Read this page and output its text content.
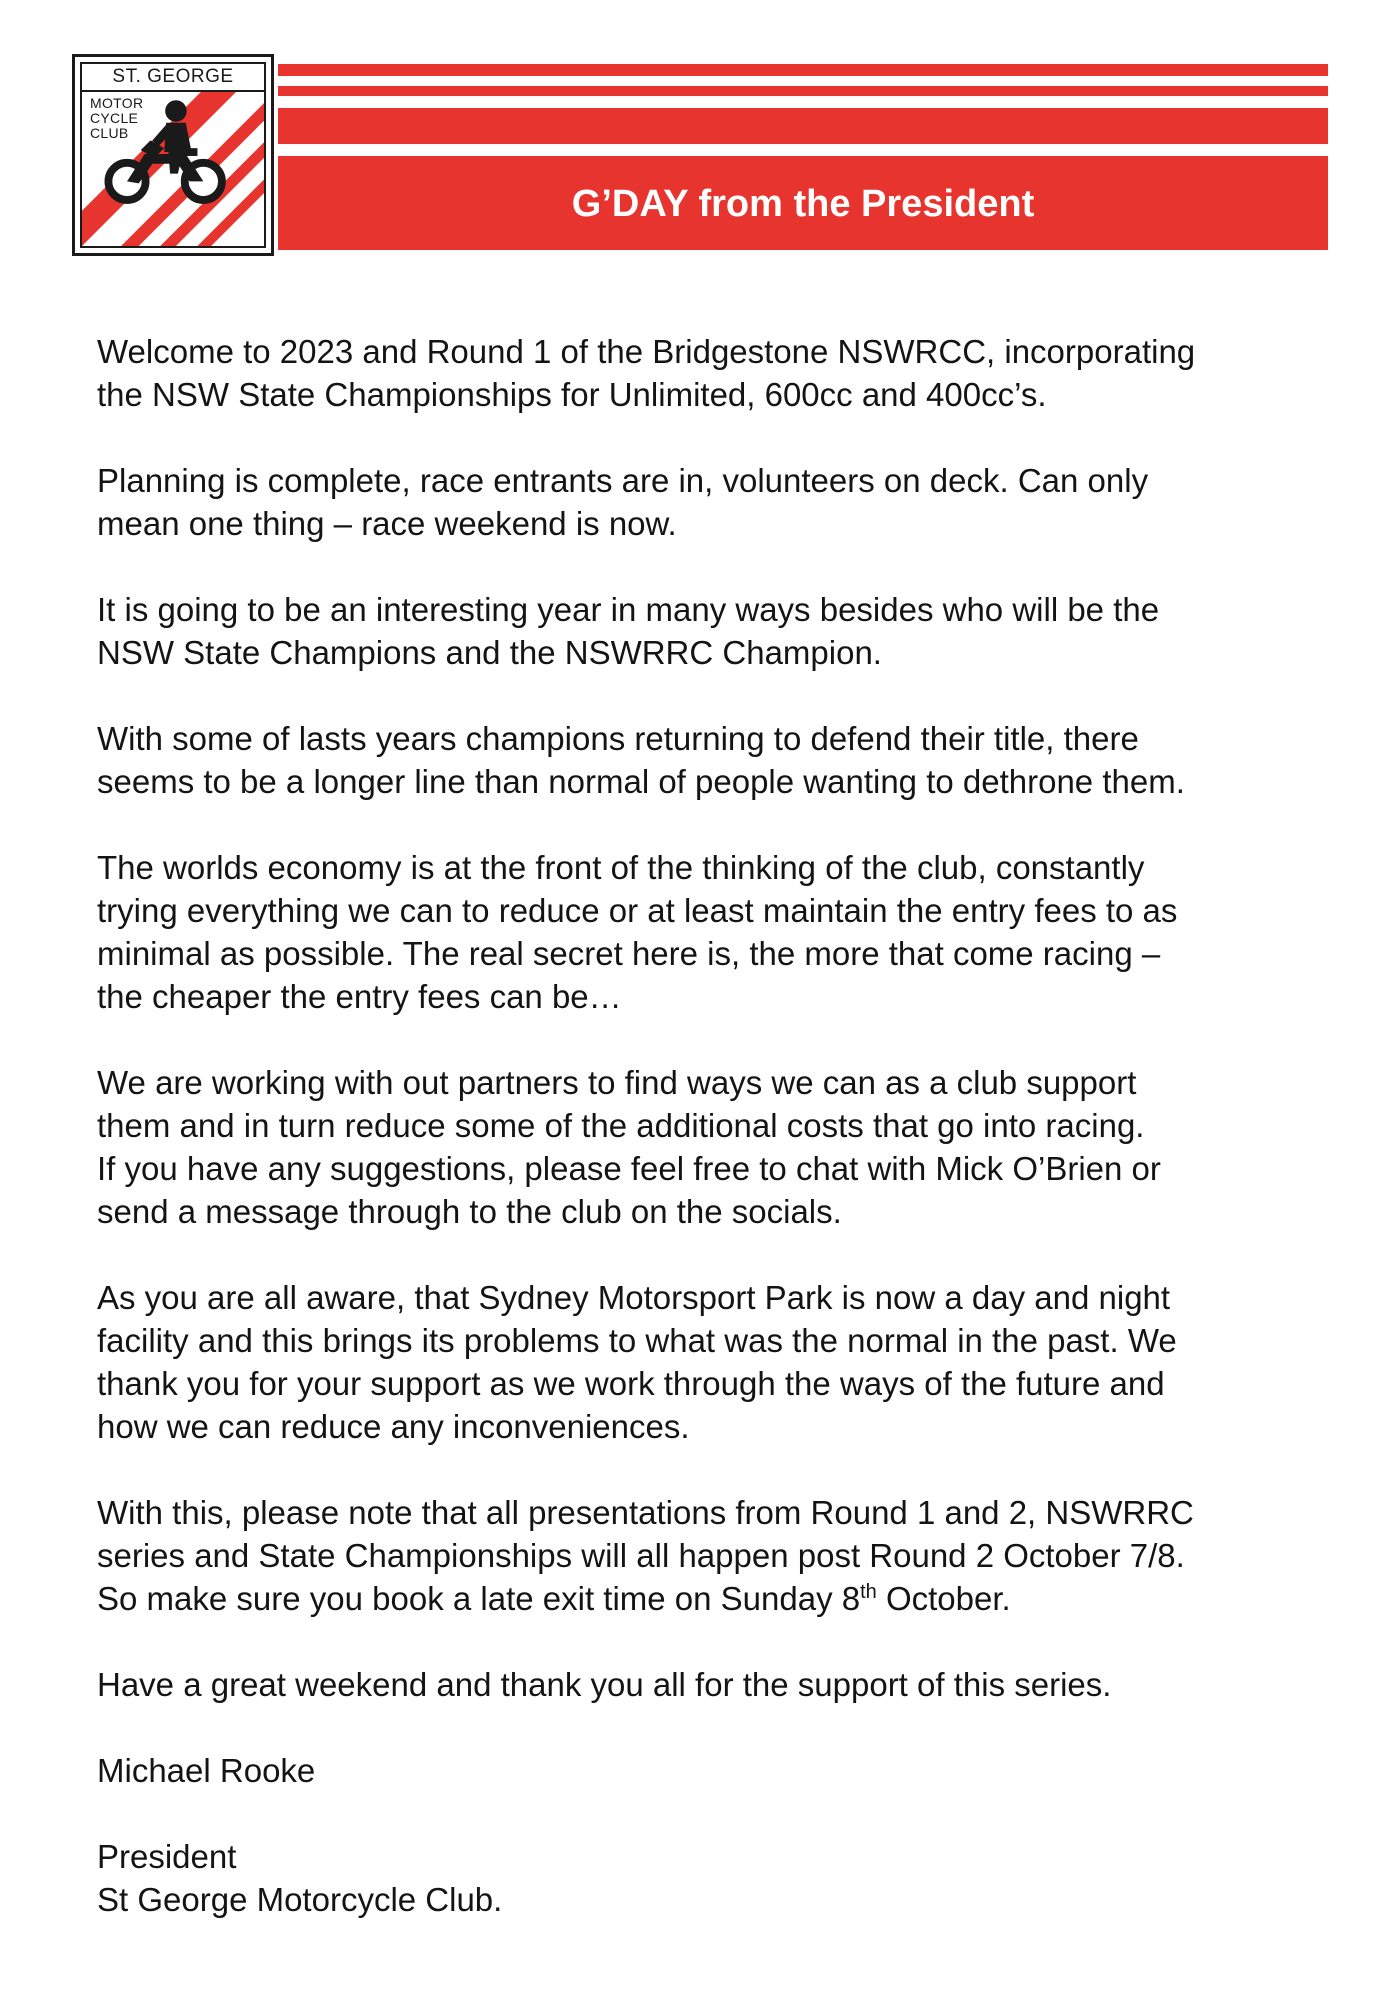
ST. GEORGE
MOTOR
CYCLE
CLUB
G’DAY from the President

Welcome to 2023 and Round 1 of the Bridgestone NSWRCC, incorporating
the NSW State Championships for Unlimited, 600cc and 400cc’s.

Planning is complete, race entrants are in, volunteers on deck. Can only
mean one thing – race weekend is now.

It is going to be an interesting year in many ways besides who will be the
NSW State Champions and the NSWRRC Champion.

With some of lasts years champions returning to defend their title, there
seems to be a longer line than normal of people wanting to dethrone them.

The worlds economy is at the front of the thinking of the club, constantly
trying everything we can to reduce or at least maintain the entry fees to as
minimal as possible. The real secret here is, the more that come racing –
the cheaper the entry fees can be…

We are working with out partners to find ways we can as a club support
them and in turn reduce some of the additional costs that go into racing.
If you have any suggestions, please feel free to chat with Mick O’Brien or
send a message through to the club on the socials.

As you are all aware, that Sydney Motorsport Park is now a day and night
facility and this brings its problems to what was the normal in the past. We
thank you for your support as we work through the ways of the future and
how we can reduce any inconveniences.

With this, please note that all presentations from Round 1 and 2, NSWRRC
series and State Championships will all happen post Round 2 October 7/8.
So make sure you book a late exit time on Sunday 8th October.

Have a great weekend and thank you all for the support of this series.

Michael Rooke

President

St George Motorcycle Club.
